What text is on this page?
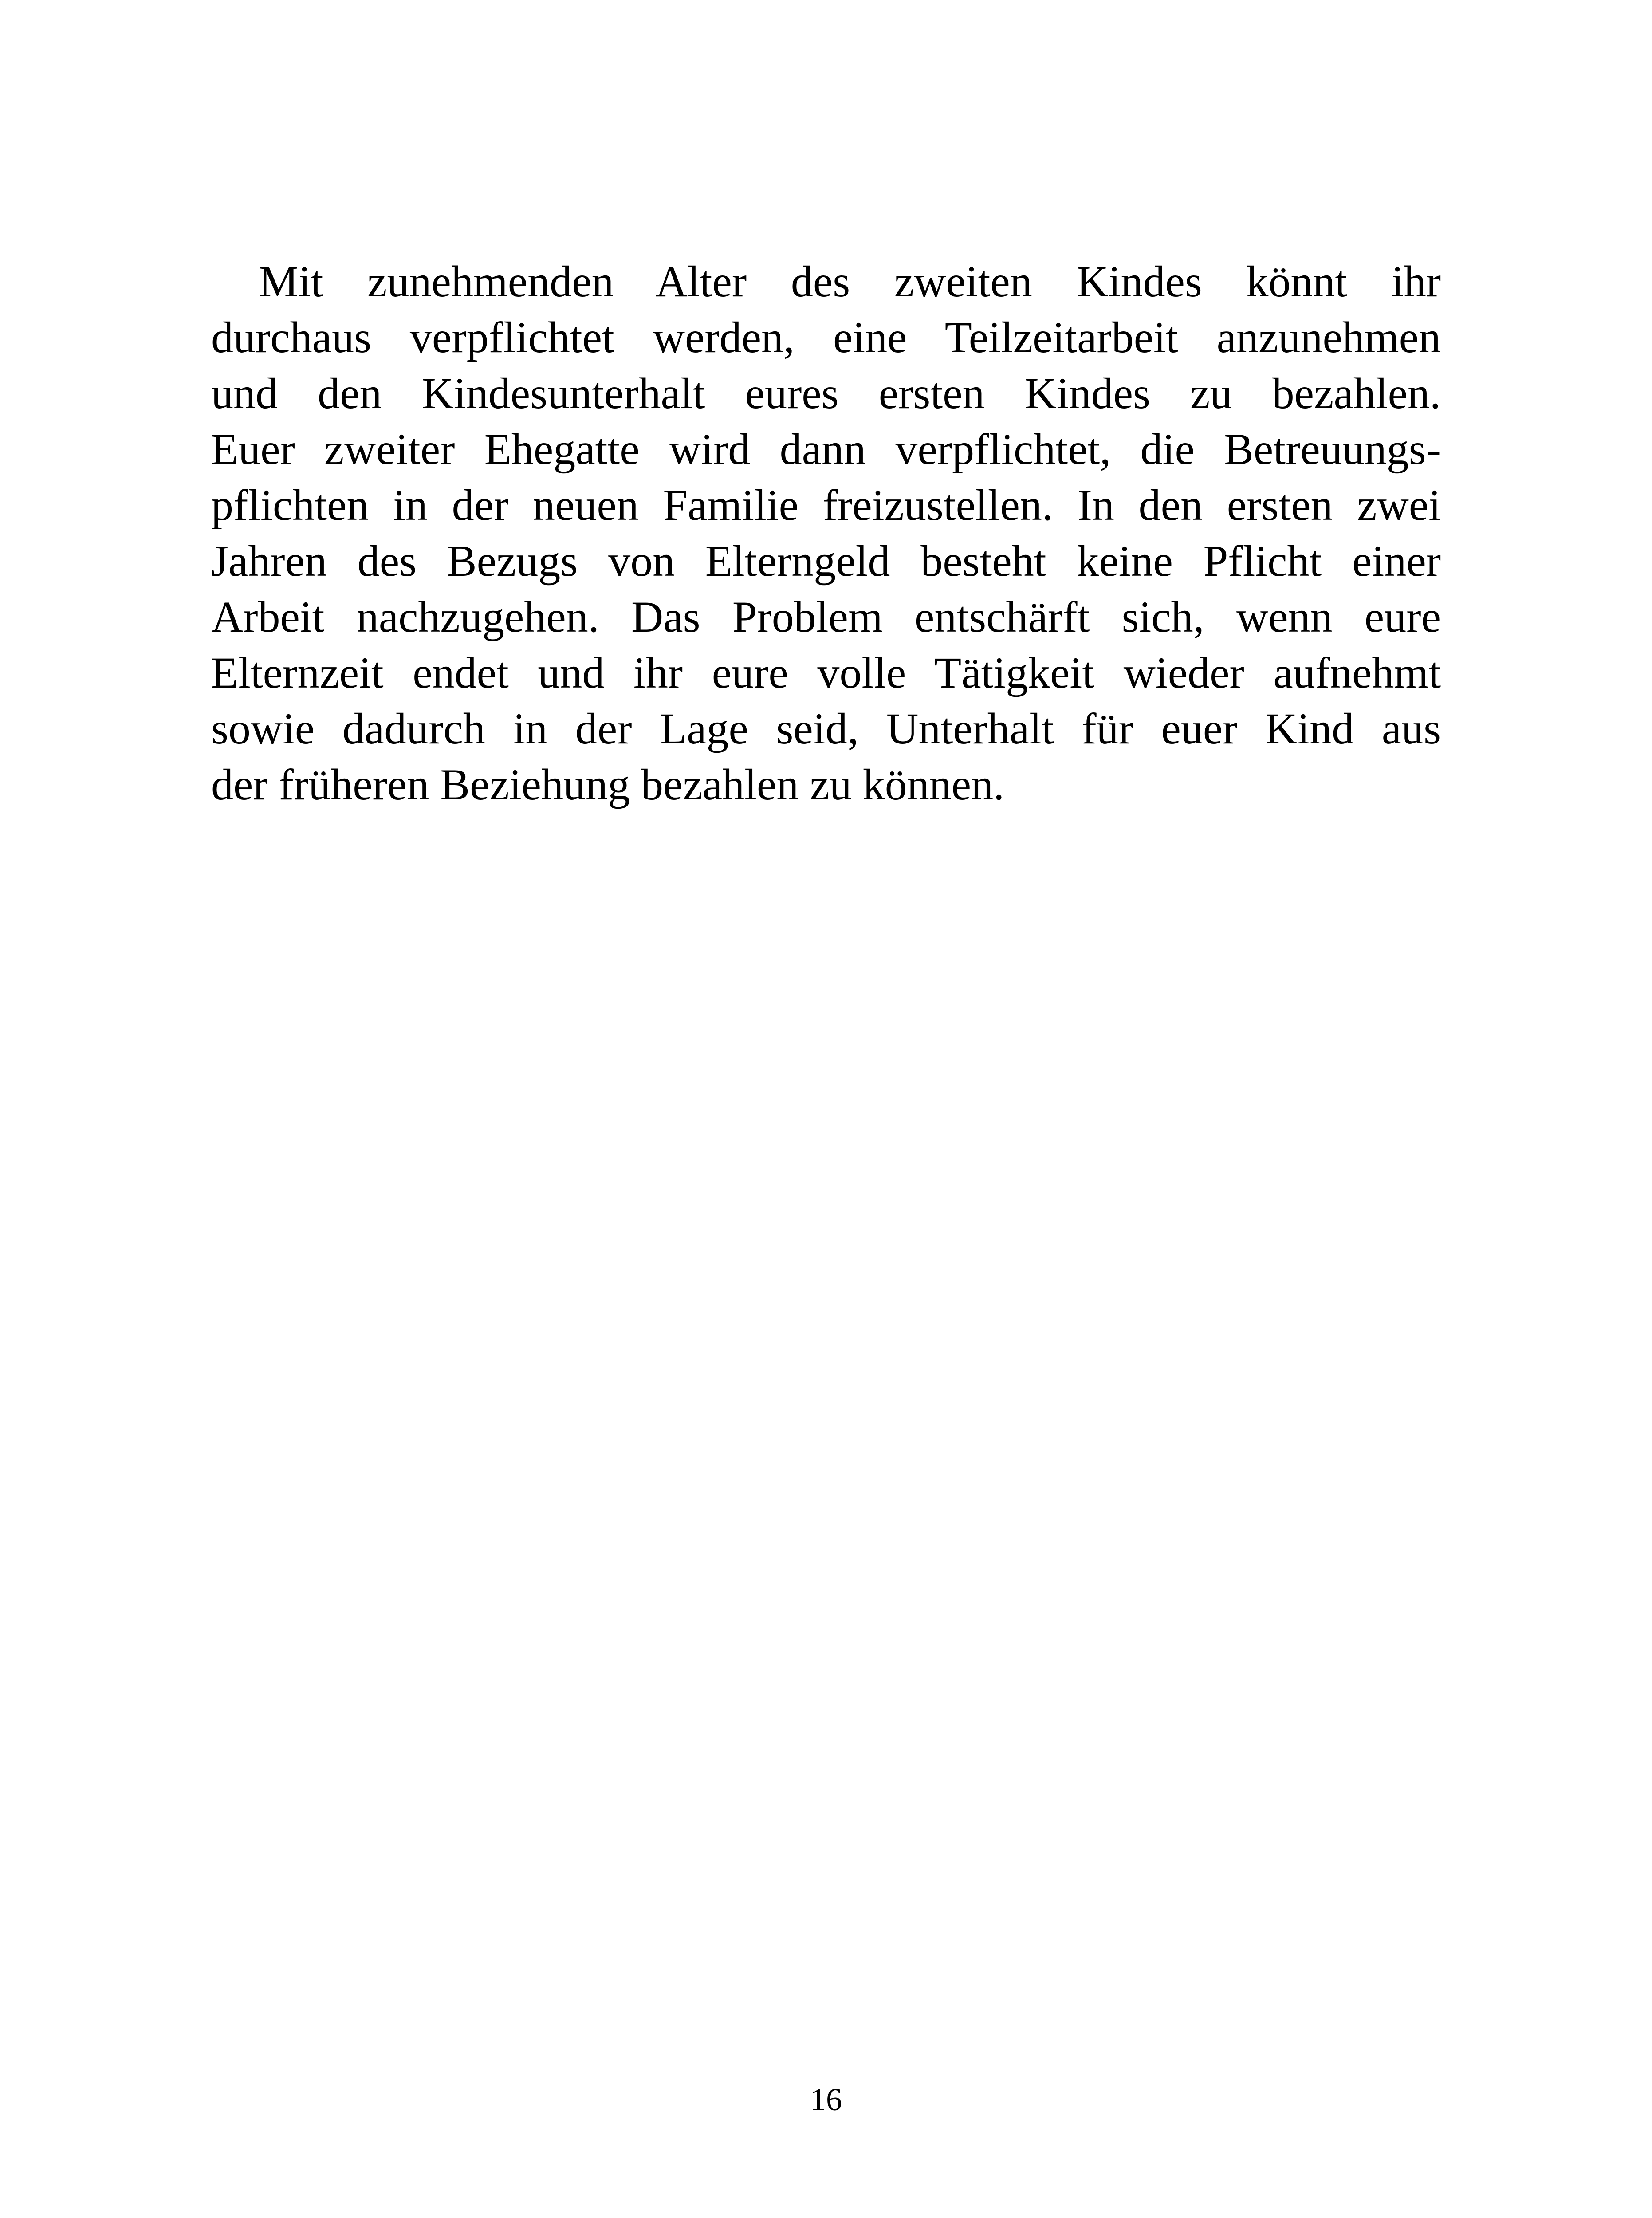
Mit zunehmenden Alter des zweiten Kindes könnt ihr
durchaus verpflichtet werden, eine Teilzeitarbeit anzunehmen
und den Kindesunterhalt eures ersten Kindes zu bezahlen.
Euer zweiter Ehegatte wird dann verpflichtet, die Betreuungs-
pflichten in der neuen Familie freizustellen. In den ersten zwei
Jahren des Bezugs von Elterngeld besteht keine Pflicht einer
Arbeit nachzugehen. Das Problem entschärft sich, wenn eure
Elternzeit endet und ihr eure volle Tätigkeit wieder aufnehmt
sowie dadurch in der Lage seid, Unterhalt für euer Kind aus
der früheren Beziehung bezahlen zu können.

16
